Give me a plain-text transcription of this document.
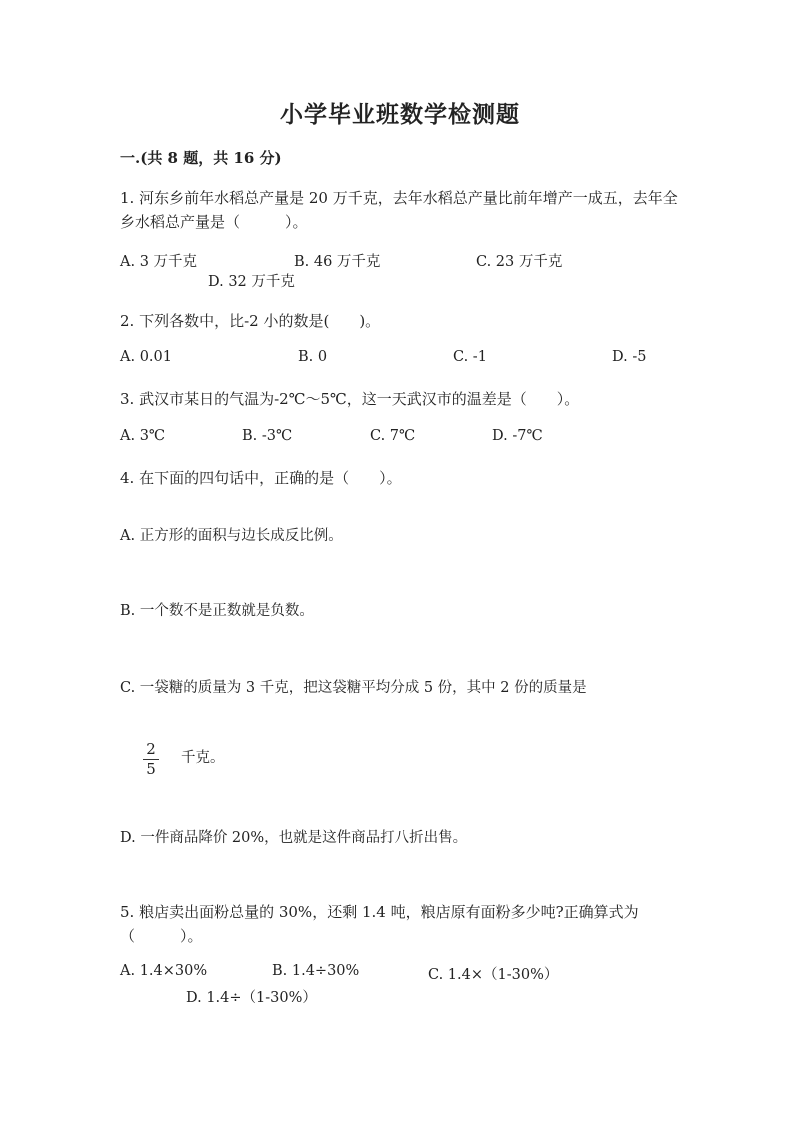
小学毕业班数学检测题
一.(共 8 题，共 16 分)
1. 河东乡前年水稻总产量是 20 万千克，去年水稻总产量比前年增产一成五，去年全乡水稻总产量是（　　　）。
A. 3 万千克	B. 46 万千克	C. 23 万千克
D. 32 万千克
2. 下列各数中，比-2 小的数是(　　)。
A. 0.01	B. 0	C. -1	D. -5
3. 武汉市某日的气温为-2℃～5℃，这一天武汉市的温差是（　　）。
A. 3℃	B. -3℃	C. 7℃	D. -7℃
4. 在下面的四句话中，正确的是（　　）。
A. 正方形的面积与边长成反比例。
B. 一个数不是正数就是负数。
C. 一袋糖的质量为 3 千克，把这袋糖平均分成 5 份，其中 2 份的质量是
2
5
千克。
D. 一件商品降价 20%，也就是这件商品打八折出售。
5. 粮店卖出面粉总量的 30%，还剩 1.4 吨，粮店原有面粉多少吨?正确算式为（　　　）。
A. 1.4×30%	B. 1.4÷30%	C. 1.4×（1-30%）
D. 1.4÷（1-30%）
